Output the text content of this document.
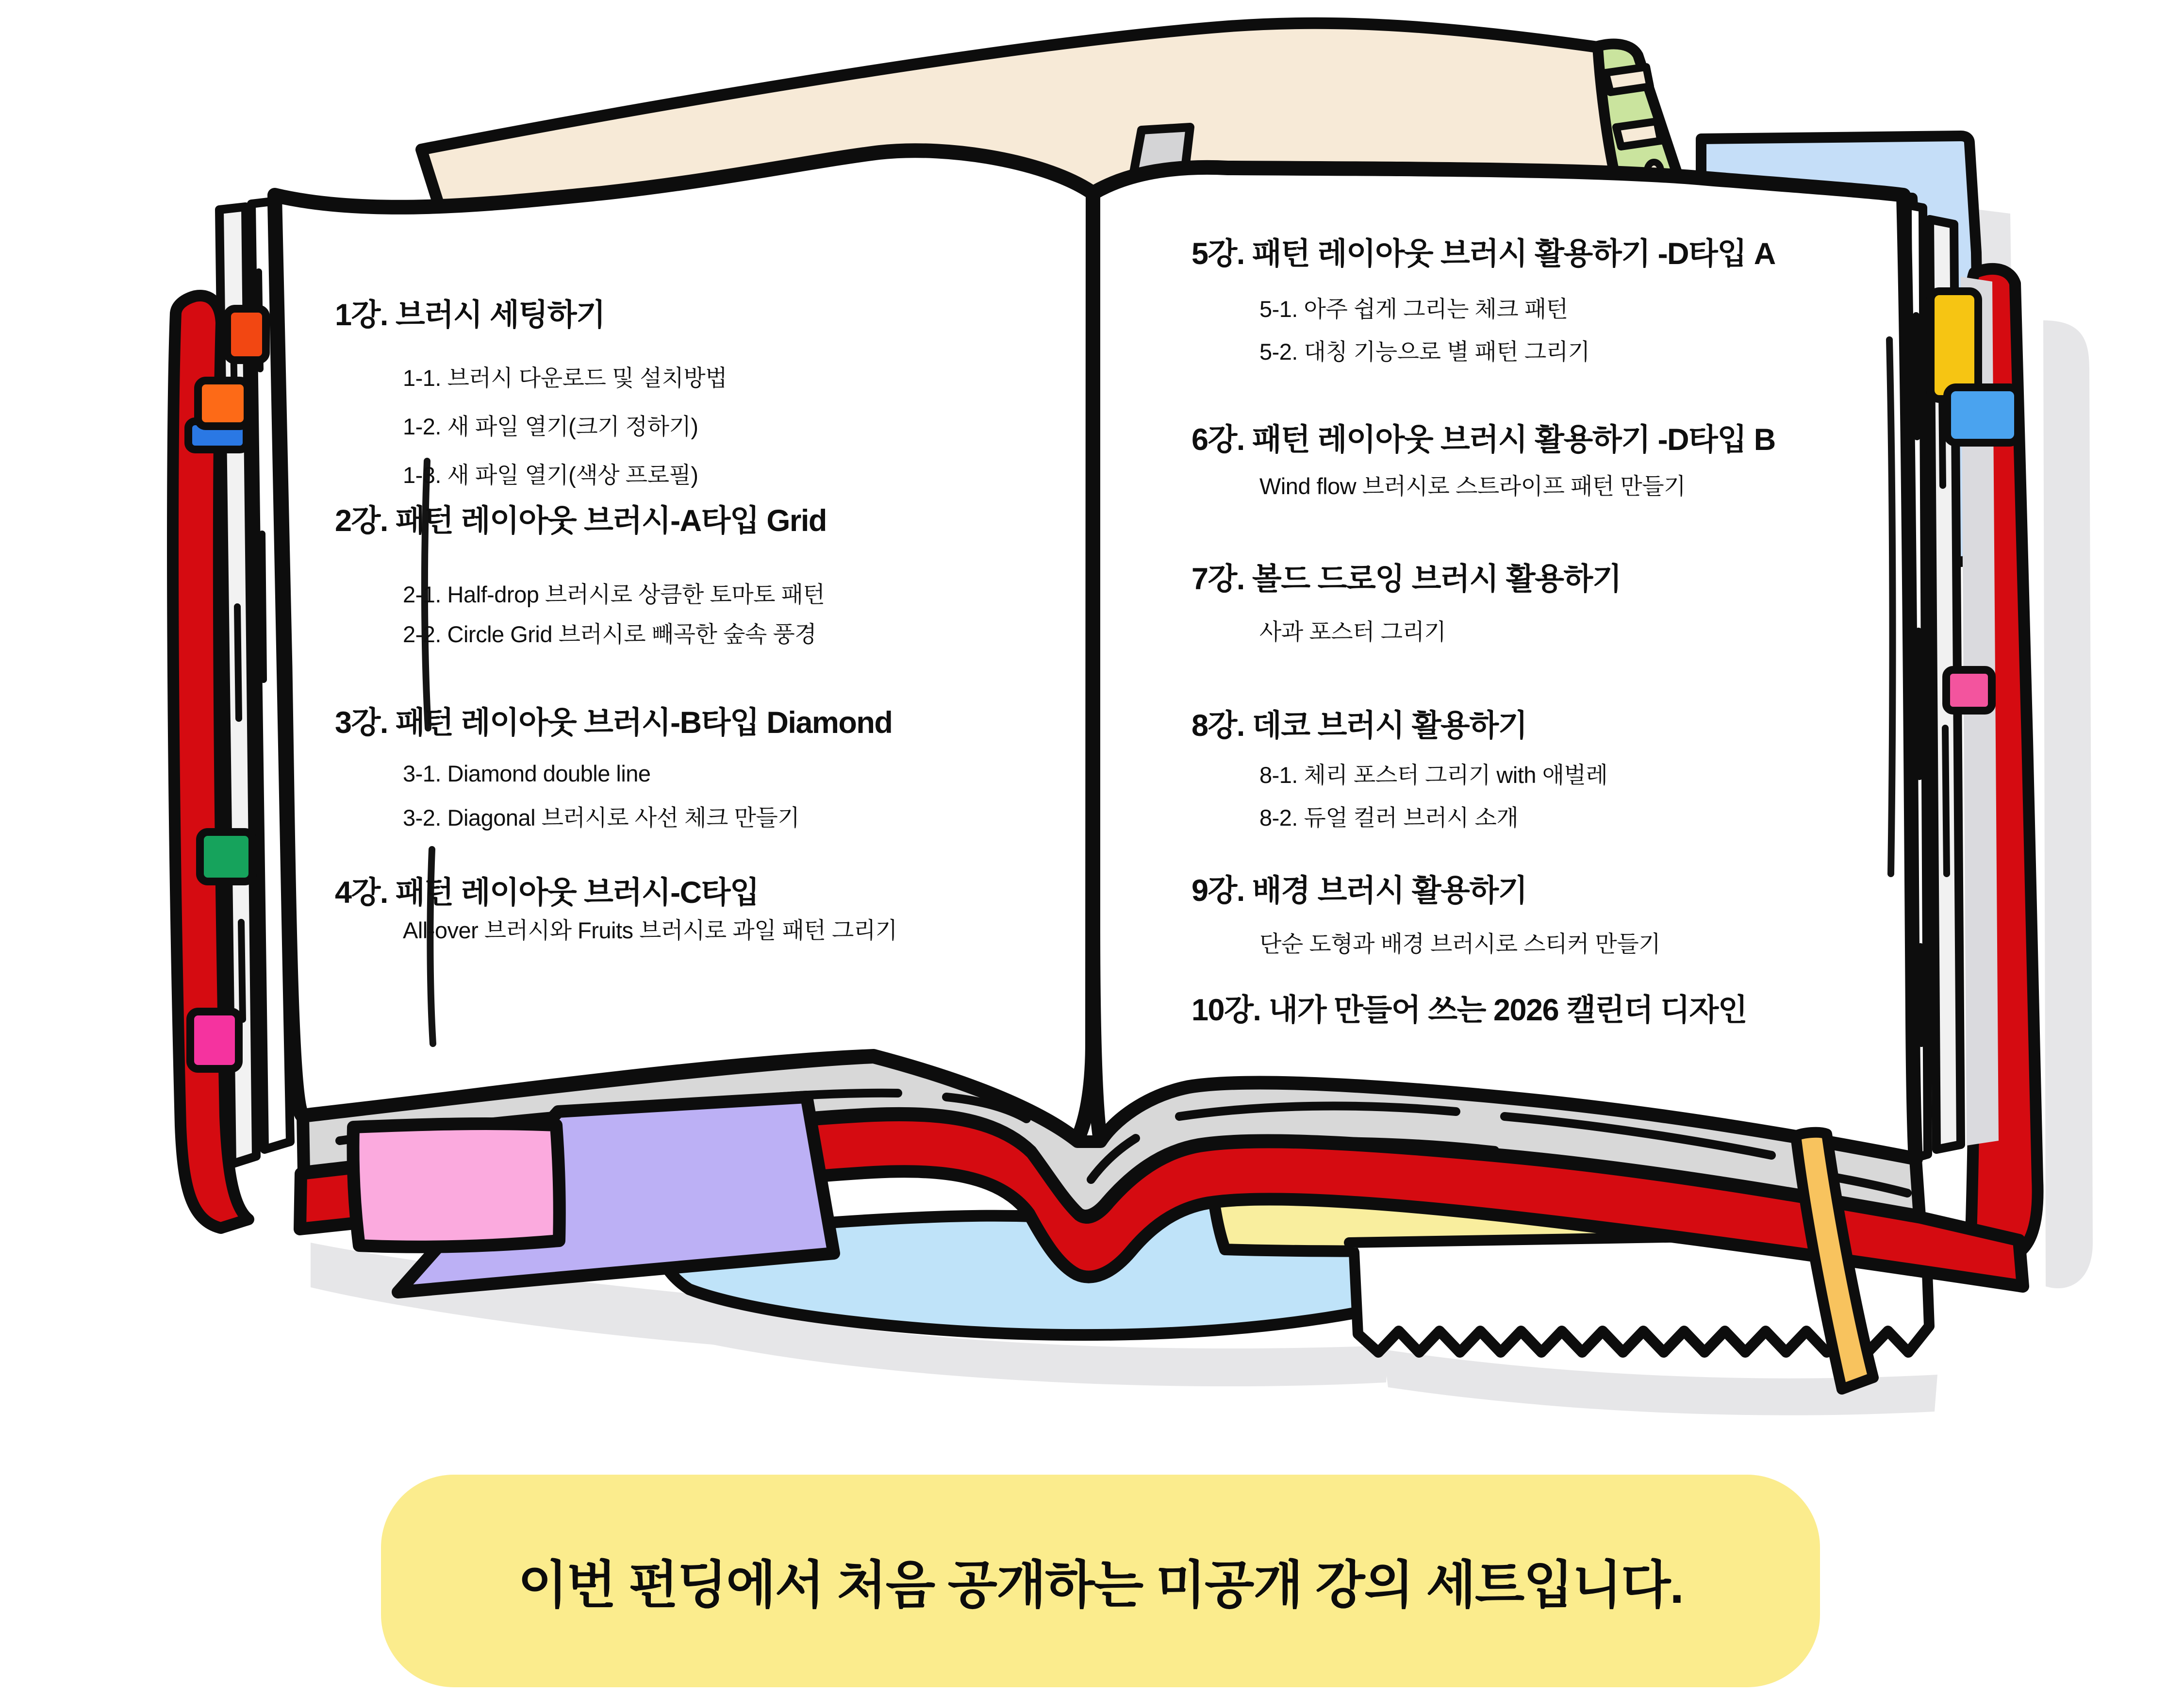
1강. 브러시 세팅하기
1-1. 브러시 다운로드 및 설치방법
1-2. 새 파일 열기(크기 정하기)
1-3. 새 파일 열기(색상 프로필)
2강. 패턴 레이아웃 브러시-A타입 Grid
2-1. Half-drop 브러시로 상큼한 토마토 패턴
2-2. Circle Grid 브러시로 빼곡한 숲속 풍경
3강. 패턴 레이아웃 브러시-B타입 Diamond
3-1. Diamond double line
3-2. Diagonal 브러시로 사선 체크 만들기
4강. 패턴 레이아웃 브러시-C타입
All-over 브러시와 Fruits 브러시로 과일 패턴 그리기
5강. 패턴 레이아웃 브러시 활용하기 -D타입 A
5-1. 아주 쉽게 그리는 체크 패턴
5-2. 대칭 기능으로 별 패턴 그리기
6강. 패턴 레이아웃 브러시 활용하기 -D타입 B
Wind flow 브러시로 스트라이프 패턴 만들기
7강. 볼드 드로잉 브러시 활용하기
사과 포스터 그리기
8강. 데코 브러시 활용하기
8-1. 체리 포스터 그리기 with 애벌레
8-2. 듀얼 컬러 브러시 소개
9강. 배경 브러시 활용하기
단순 도형과 배경 브러시로 스티커 만들기
10강. 내가 만들어 쓰는 2026 캘린더 디자인
이번 펀딩에서 처음 공개하는 미공개 강의 세트입니다.
